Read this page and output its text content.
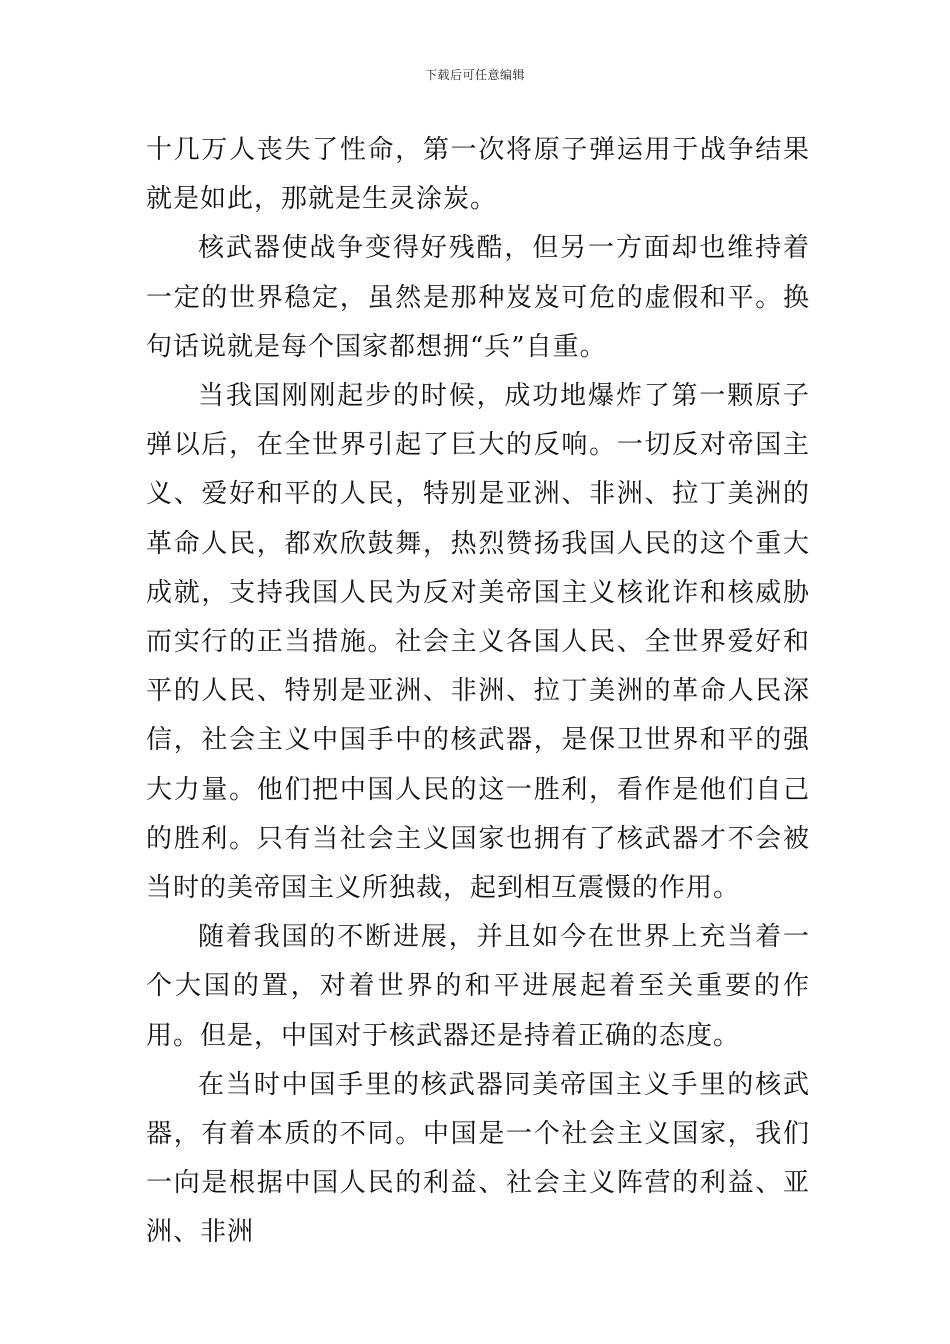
下载后可任意编辑

十几万人丧失了性命，第一次将原子弹运用于战争结果就是如此，那就是生灵涂炭。

核武器使战争变得好残酷，但另一方面却也维持着一定的世界稳定，虽然是那种岌岌可危的虚假和平。换句话说就是每个国家都想拥“兵”自重。

当我国刚刚起步的时候，成功地爆炸了第一颗原子弹以后，在全世界引起了巨大的反响。一切反对帝国主义、爱好和平的人民，特别是亚洲、非洲、拉丁美洲的革命人民，都欢欣鼓舞，热烈赞扬我国人民的这个重大成就，支持我国人民为反对美帝国主义核讹诈和核威胁而实行的正当措施。社会主义各国人民、全世界爱好和平的人民、特别是亚洲、非洲、拉丁美洲的革命人民深信，社会主义中国手中的核武器，是保卫世界和平的强大力量。他们把中国人民的这一胜利，看作是他们自己的胜利。只有当社会主义国家也拥有了核武器才不会被当时的美帝国主义所独裁，起到相互震慑的作用。

随着我国的不断进展，并且如今在世界上充当着一个大国的置，对着世界的和平进展起着至关重要的作用。但是，中国对于核武器还是持着正确的态度。

在当时中国手里的核武器同美帝国主义手里的核武器，有着本质的不同。中国是一个社会主义国家，我们一向是根据中国人民的利益、社会主义阵营的利益、亚洲、非洲
